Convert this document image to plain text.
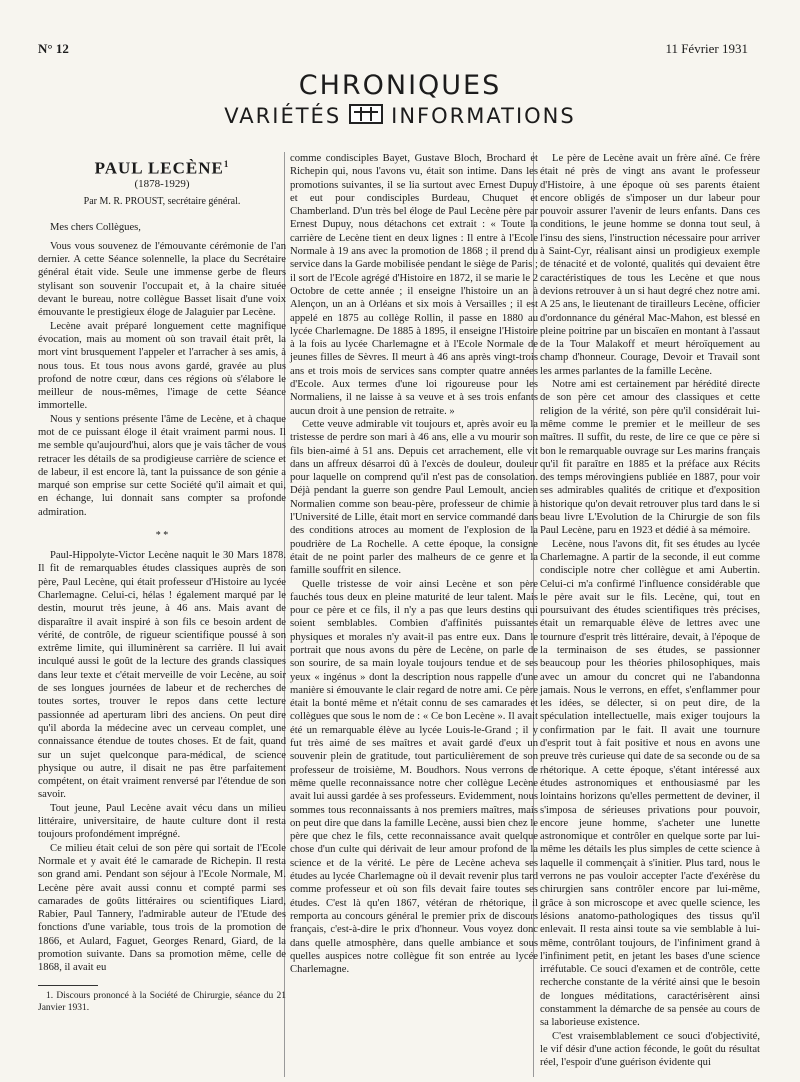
N° 12	11 Février 1931
CHRONIQUES
VARIÉTÉS INFORMATIONS
PAUL LECÈNE$^1$
(1878-1929)
Par M. R. PROUST, secrétaire général.

Mes chers Collègues,

Vous vous souvenez de l'émouvante cérémonie de l'an dernier. A cette Séance solennelle, la place du Secrétaire général était vide. Seule une immense gerbe de fleurs stylisant son souvenir l'occupait et, à la chaire située devant le bureau, notre collègue Basset lisait d'une voix émouvante le prestigieux éloge de Jalaguier par Lecène.

Lecène avait préparé longuement cette magnifique évocation, mais au moment où son travail était prêt, la mort vint brusquement l'appeler et l'arracher à ses amis, à nous tous. Et tous nous avons gardé, gravée au plus profond de notre cœur, dans ces régions où s'élabore le meilleur de nous-mêmes, l'image de cette Séance immortelle.

Nous y sentions présente l'âme de Lecène, et à chaque mot de ce puissant éloge il était vraiment parmi nous. Il me semble qu'aujourd'hui, alors que je vais tâcher de vous retracer les détails de sa prodigieuse carrière de science et de labeur, il est encore là, tant la puissance de son génie a marqué son emprise sur cette Société qu'il aimait et qui, en échange, lui donnait sans compter sa profonde admiration.

* *

Paul-Hippolyte-Victor Lecène naquit le 30 Mars 1878. Il fit de remarquables études classiques auprès de son père, Paul Lecène, qui était professeur d'Histoire au lycée Charlemagne. Celui-ci, hélas ! également marqué par le destin, mourut très jeune, à 46 ans. Mais avant de disparaître il avait inspiré à son fils ce besoin ardent de vérité, de contrôle, de rigueur scientifique poussé à son extrême limite, qui illuminèrent sa carrière. Il lui avait inculqué aussi le goût de la lecture des grands classiques dans leur texte et c'était merveille de voir Lecène, au soir de ses longues journées de labeur et de recherches de toutes sortes, trouver le repos dans cette lecture passionnée ad aperturam libri des anciens. On peut dire qu'il aborda la médecine avec un cerveau complet, une connaissance étendue de toutes choses. Et de fait, quand sur un sujet quelconque para-médical, de science physique ou autre, il disait ne pas être parfaitement compétent, on était vraiment renversé par l'étendue de son savoir.

Tout jeune, Paul Lecène avait vécu dans un milieu littéraire, universitaire, de haute culture dont il resta toujours profondément imprégné.

Ce milieu était celui de son père qui sortait de l'Ecole Normale et y avait été le camarade de Richepin. Il resta son grand ami. Pendant son séjour à l'Ecole Normale, M. Lecène père avait aussi connu et compté parmi ses camarades de goûts littéraires ou scientifiques Liard, Rabier, Paul Tannery, l'admirable auteur de l'Etude des fonctions d'une variable, tous trois de la promotion de 1866, et Aulard, Faguet, Georges Renard, Giard, de la promotion suivante. Dans sa promotion même, celle de 1868, il avait eu

1. Discours prononcé à la Société de Chirurgie, séance du 21 Janvier 1931.

comme condisciples Bayet, Gustave Bloch, Brochard et Richepin qui, nous l'avons vu, était son intime. Dans les promotions suivantes, il se lia surtout avec Ernest Dupuy et eut pour condisciples Burdeau, Chuquet et Chamberland. D'un très bel éloge de Paul Lecène père par Ernest Dupuy, nous détachons cet extrait : « Toute la carrière de Lecène tient en deux lignes : Il entre à l'Ecole Normale à 19 ans avec la promotion de 1868 ; il prend du service dans la Garde mobilisée pendant le siège de Paris ; il sort de l'Ecole agrégé d'Histoire en 1872, il se marie le 2 Octobre de cette année ; il enseigne l'histoire un an à Alençon, un an à Orléans et six mois à Versailles ; il est appelé en 1875 au collège Rollin, il passe en 1880 au lycée Charlemagne. De 1885 à 1895, il enseigne l'Histoire à la fois au lycée Charlemagne et à l'Ecole Normale de jeunes filles de Sèvres. Il meurt à 46 ans après vingt-trois ans et trois mois de services sans compter quatre années d'Ecole. Aux termes d'une loi rigoureuse pour les Normaliens, il ne laisse à sa veuve et à ses trois enfants aucun droit à une pension de retraite. »

Cette veuve admirable vit toujours et, après avoir eu la tristesse de perdre son mari à 46 ans, elle a vu mourir son fils bien-aimé à 51 ans. Depuis cet arrachement, elle vit dans un affreux désarroi dû à l'excès de douleur, douleur pour laquelle on comprend qu'il n'est pas de consolation. Déjà pendant la guerre son gendre Paul Lemoult, ancien Normalien comme son beau-père, professeur de chimie à l'Université de Lille, était mort en service commandé dans des conditions atroces au moment de l'explosion de la poudrière de La Rochelle. A cette époque, la consigne était de ne point parler des malheurs de ce genre et la famille souffrit en silence.

Quelle tristesse de voir ainsi Lecène et son père fauchés tous deux en pleine maturité de leur talent. Mais pour ce père et ce fils, il n'y a pas que leurs destins qui soient semblables. Combien d'affinités puissantes physiques et morales n'y avait-il pas entre eux. Dans le portrait que nous avons du père de Lecène, on parle de son sourire, de sa main loyale toujours tendue et de ses yeux « ingénus » dont la description nous rappelle d'une manière si émouvante le clair regard de notre ami. Ce père était la bonté même et n'était connu de ses camarades et collègues que sous le nom de : « Ce bon Lecène ». Il avait été un remarquable élève au lycée Louis-le-Grand ; il y fut très aimé de ses maîtres et avait gardé d'eux un souvenir plein de gratitude, tout particulièrement de son professeur de troisième, M. Boudhors. Nous verrons de même quelle reconnaissance notre cher collègue Lecène avait lui aussi gardée à ses professeurs. Evidemment, nous sommes tous reconnaissants à nos premiers maîtres, mais on peut dire que dans la famille Lecène, aussi bien chez le père que chez le fils, cette reconnaissance avait quelque chose d'un culte qui dérivait de leur amour profond de la science et de la vérité. Le père de Lecène acheva ses études au lycée Charlemagne où il devait revenir plus tard comme professeur et où son fils devait faire toutes ses études. C'est là qu'en 1867, vétéran de rhétorique, il remporta au concours général le premier prix de discours français, c'est-à-dire le prix d'honneur. Vous voyez donc dans quelle atmosphère, dans quelle ambiance et sous quelles auspices notre collègue fit son entrée au lycée Charlemagne.

Le père de Lecène avait un frère aîné. Ce frère était né près de vingt ans avant le professeur d'Histoire, à une époque où ses parents étaient encore obligés de s'imposer un dur labeur pour pouvoir assurer l'avenir de leurs enfants. Dans ces conditions, le jeune homme se donna tout seul, à l'insu des siens, l'instruction nécessaire pour arriver à Saint-Cyr, réalisant ainsi un prodigieux exemple de ténacité et de volonté, qualités qui devaient être caractéristiques de tous les Lecène et que nous devions retrouver à un si haut degré chez notre ami. A 25 ans, le lieutenant de tirailleurs Lecène, officier d'ordonnance du général Mac-Mahon, est blessé en pleine poitrine par un biscaïen en montant à l'assaut de la Tour Malakoff et meurt héroïquement au champ d'honneur. Courage, Devoir et Travail sont les armes parlantes de la famille Lecène.

Notre ami est certainement par hérédité directe de son père cet amour des classiques et cette religion de la vérité, son père qu'il considérait lui-même comme le premier et le meilleur de ses maîtres. Il suffit, du reste, de lire ce que ce père si bon le remarquable ouvrage sur Les marins français qu'il fit paraître en 1885 et la préface aux Récits des temps mérovingiens publiée en 1887, pour voir ses admirables qualités de critique et d'exposition historique qu'on devait retrouver plus tard dans le si beau livre L'Evolution de la Chirurgie de son fils Paul Lecène, paru en 1923 et dédié à sa mémoire.

Lecène, nous l'avons dit, fit ses études au lycée Charlemagne. A partir de la seconde, il eut comme condisciple notre cher collègue et ami Aubertin. Celui-ci m'a confirmé l'influence considérable que le père avait sur le fils. Lecène, qui, tout en poursuivant des études scientifiques très précises, était un remarquable élève de lettres avec une tournure d'esprit très littéraire, devait, à l'époque de la terminaison de ses études, se passionner beaucoup pour les théories philosophiques, mais avec un amour du concret qui ne l'abandonna jamais. Nous le verrons, en effet, s'enflammer pour les idées, se délecter, si on peut dire, de la spéculation intellectuelle, mais exiger toujours la confirmation par le fait. Il avait une tournure d'esprit tout à fait positive et nous en avons une preuve très curieuse qui date de sa seconde ou de sa rhétorique. A cette époque, s'étant intéressé aux études astronomiques et enthousiasmé par les lointains horizons qu'elles permettent de deviner, il s'imposa de sérieuses privations pour pouvoir, encore jeune homme, s'acheter une lunette astronomique et contrôler en quelque sorte par lui-même les détails les plus simples de cette science à laquelle il commençait à s'initier. Plus tard, nous le verrons ne pas vouloir accepter l'acte d'exérèse du chirurgien sans contrôler encore par lui-même, grâce à son microscope et avec quelle science, les lésions anatomo-pathologiques des tissus qu'il enlevait. Il resta ainsi toute sa vie semblable à lui-même, contrôlant toujours, de l'infiniment grand à l'infiniment petit, en jetant les bases d'une science irréfutable. Ce souci d'examen et de contrôle, cette recherche constante de la vérité ainsi que le besoin de longues méditations, caractérisèrent ainsi constamment la démarche de sa pensée au cours de sa laborieuse existence.

C'est vraisemblablement ce souci d'objectivité, le vif désir d'une action féconde, le goût du résultat réel, l'espoir d'une guérison évidente qui
